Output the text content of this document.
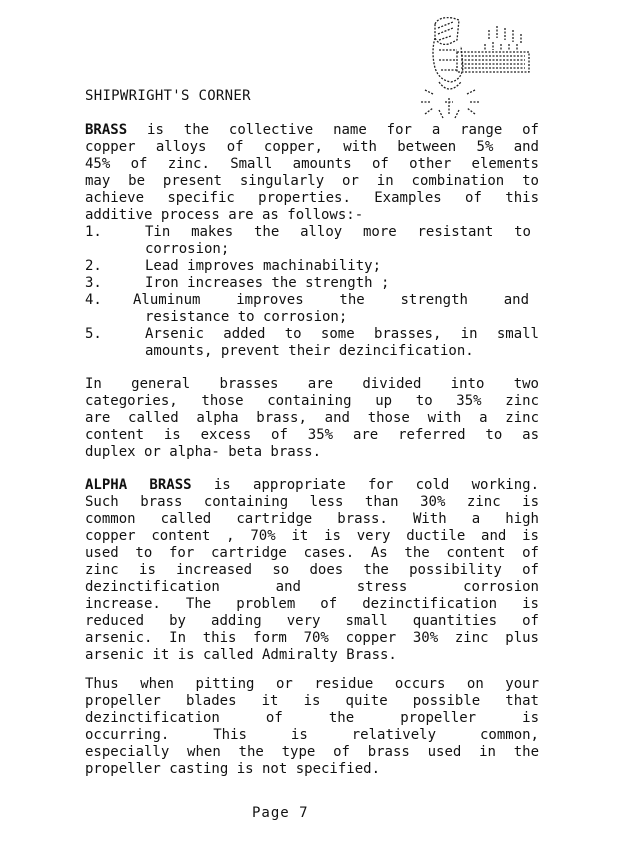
SHIPWRIGHT'S CORNER
BRASS is the collective name for a range of
copper alloys of copper, with between 5% and
45% of zinc. Small amounts of other elements
may be present singularly or in combination to
achieve specific properties. Examples of this
additive process are as follows:-
1.	Tin makes the alloy more resistant to
corrosion;
2.	Lead improves machinability;
3.	Iron increases the strength ;
4.	Aluminum improves the strength and
resistance to corrosion;
5.	Arsenic added to some brasses, in small
amounts, prevent their dezincification.
In general brasses are divided into two
categories, those containing up to 35% zinc
are called alpha brass, and those with a zinc
content is excess of 35% are referred to as
duplex or alpha- beta brass.
ALPHA BRASS is appropriate for cold working.
Such brass containing less than 30% zinc is
common called cartridge brass. With a high
copper content , 70% it is very ductile and is
used to for cartridge cases. As the content of
zinc is increased so does the possibility of
dezinctification and stress corrosion
increase. The problem of dezinctification is
reduced by adding very small quantities of
arsenic. In this form 70% copper 30% zinc plus
arsenic it is called Admiralty Brass.
Thus when pitting or residue occurs on your
propeller blades it is quite possible that
dezinctification of the propeller is
occurring. This is relatively common,
especially when the type of brass used in the
propeller casting is not specified.
Page 7
